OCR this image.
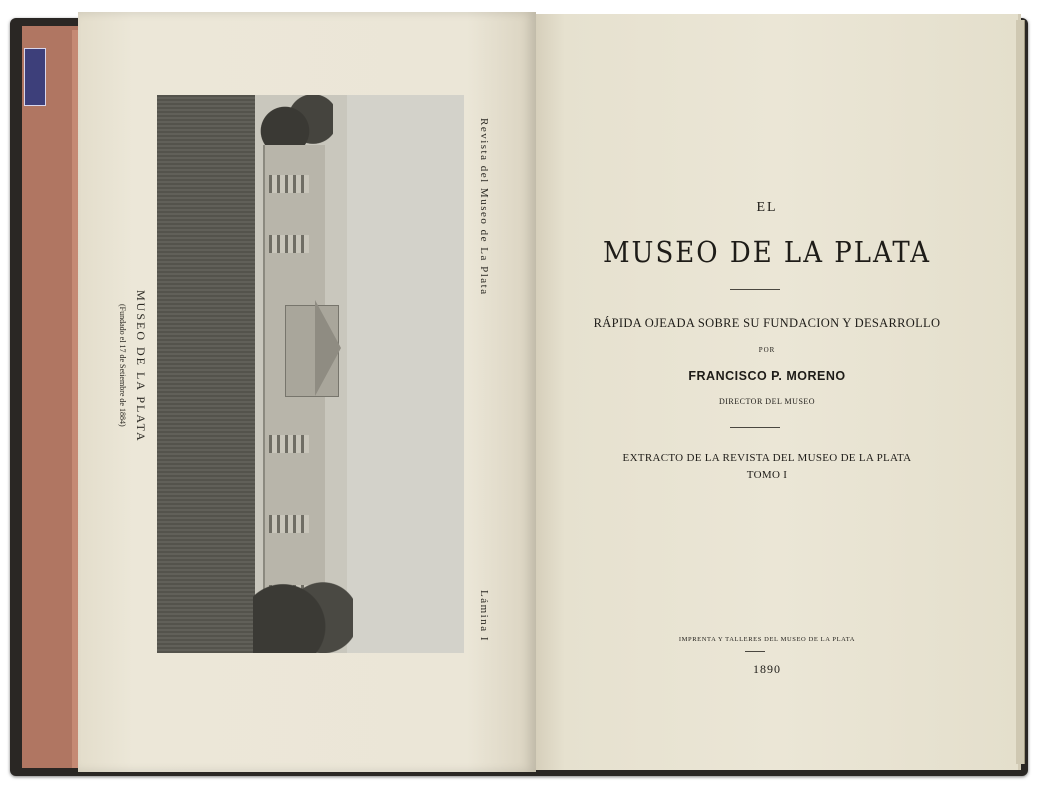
MUSEO DE LA PLATA
(Fundado el 17 de Setiembre de 1884)
Revista del Museo de La Plata
Lámina I
EL
MUSEO DE LA PLATA
RÁPIDA OJEADA SOBRE SU FUNDACION Y DESARROLLO
POR
FRANCISCO P. MORENO
DIRECTOR DEL MUSEO
EXTRACTO DE LA REVISTA DEL MUSEO DE LA PLATA
TOMO I
IMPRENTA Y TALLERES DEL MUSEO DE LA PLATA
1890
